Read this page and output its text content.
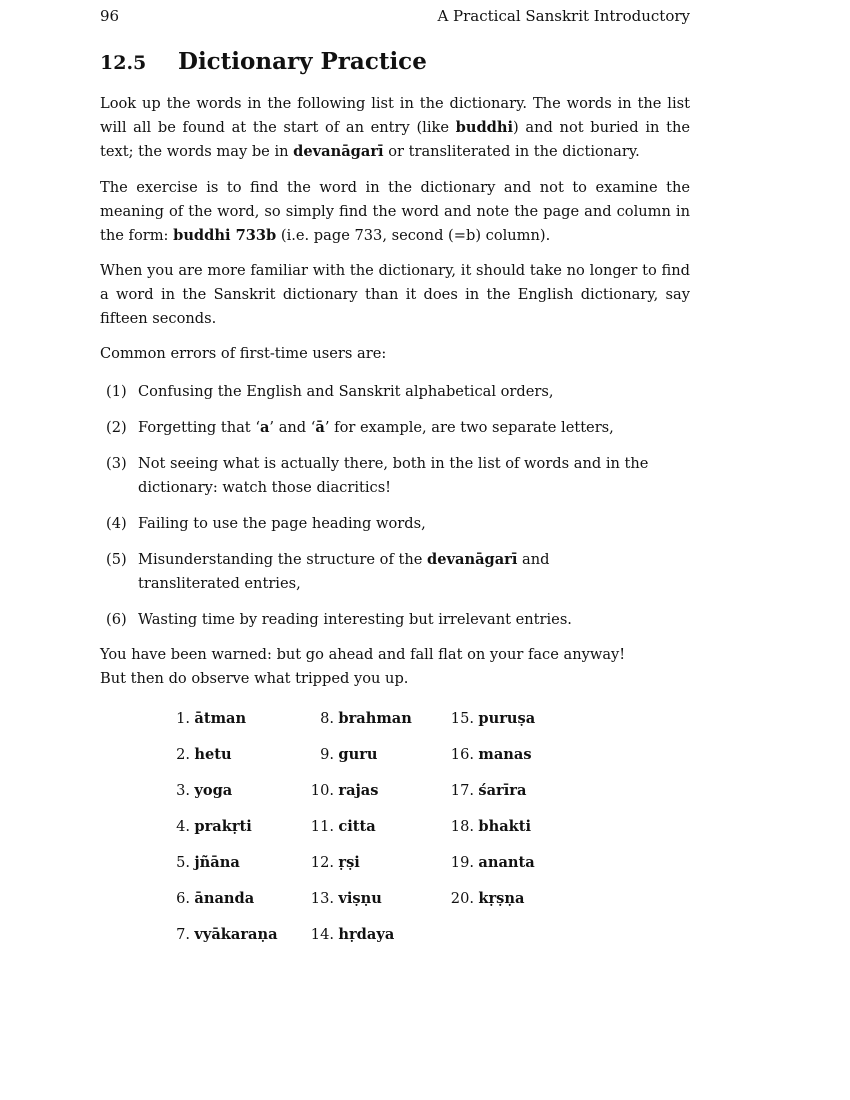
96	A Practical Sanskrit Introductory
12.5	Dictionary Practice

Look up the words in the following list in the dictionary. The words in the list will all be found at the start of an entry (like buddhi) and not buried in the text; the words may be in devanāgarī or transliterated in the dictionary.

The exercise is to find the word in the dictionary and not to examine the meaning of the word, so simply find the word and note the page and column in the form: buddhi 733b (i.e. page 733, second (=b) column).

When you are more familiar with the dictionary, it should take no longer to find a word in the Sanskrit dictionary than it does in the English dictionary, say fifteen seconds.

Common errors of first-time users are:

(1) Confusing the English and Sanskrit alphabetical orders,
(2) Forgetting that ‘a’ and ‘ā’ for example, are two separate letters,
(3) Not seeing what is actually there, both in the list of words and in the dictionary: watch those diacritics!
(4) Failing to use the page heading words,
(5) Misunderstanding the structure of the devanāgarī and transliterated entries,
(6) Wasting time by reading interesting but irrelevant entries.

You have been warned: but go ahead and fall flat on your face anyway!
But then do observe what tripped you up.

1. ātman	8. brahman	15. puruṣa
2. hetu	9. guru	16. manas
3. yoga	10. rajas	17. śarīra
4. prakṛti	11. citta	18. bhakti
5. jñāna	12. ṛṣi	19. ananta
6. ānanda	13. viṣṇu	20. kṛṣṇa
7. vyākaraṇa	14. hṛdaya
